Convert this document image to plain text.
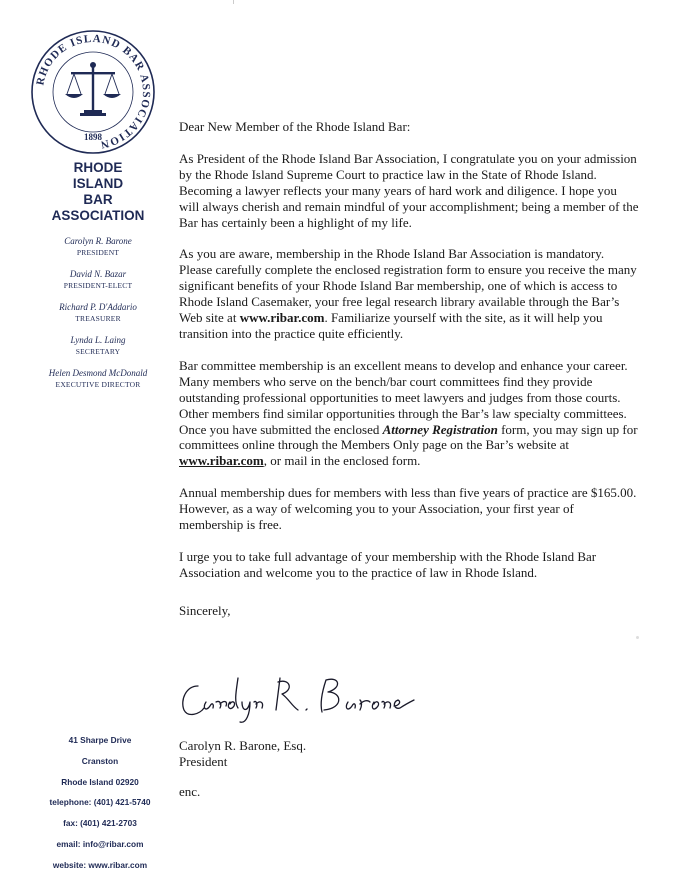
RHODE ISLAND BAR ASSOCIATION
1898
RHODE
ISLAND
BAR
ASSOCIATION
Carolyn R. Barone
PRESIDENT
David N. Bazar
PRESIDENT-ELECT
Richard P. D'Addario
TREASURER
Lynda L. Laing
SECRETARY
Helen Desmond McDonald
EXECUTIVE DIRECTOR
Dear New Member of the Rhode Island Bar:

As President of the Rhode Island Bar Association, I congratulate you on your admission by the Rhode Island Supreme Court to practice law in the State of Rhode Island. Becoming a lawyer reflects your many years of hard work and diligence. I hope you will always cherish and remain mindful of your accomplishment; being a member of the Bar has certainly been a highlight of my life.

As you are aware, membership in the Rhode Island Bar Association is mandatory. Please carefully complete the enclosed registration form to ensure you receive the many significant benefits of your Rhode Island Bar membership, one of which is access to Rhode Island Casemaker, your free legal research library available through the Bar’s Web site at www.ribar.com. Familiarize yourself with the site, as it will help you transition into the practice quite efficiently.

Bar committee membership is an excellent means to develop and enhance your career. Many members who serve on the bench/bar court committees find they provide outstanding professional opportunities to meet lawyers and judges from those courts. Other members find similar opportunities through the Bar’s law specialty committees. Once you have submitted the enclosed Attorney Registration form, you may sign up for committees online through the Members Only page on the Bar’s website at www.ribar.com, or mail in the enclosed form.

Annual membership dues for members with less than five years of practice are $165.00. However, as a way of welcoming you to your Association, your first year of membership is free.

I urge you to take full advantage of your membership with the Rhode Island Bar Association and welcome you to the practice of law in Rhode Island.

Sincerely,
Carolyn R. Barone, Esq.
President
enc.
41 Sharpe Drive
Cranston
Rhode Island 02920
telephone: (401) 421-5740
fax: (401) 421-2703
email: info@ribar.com
website: www.ribar.com
